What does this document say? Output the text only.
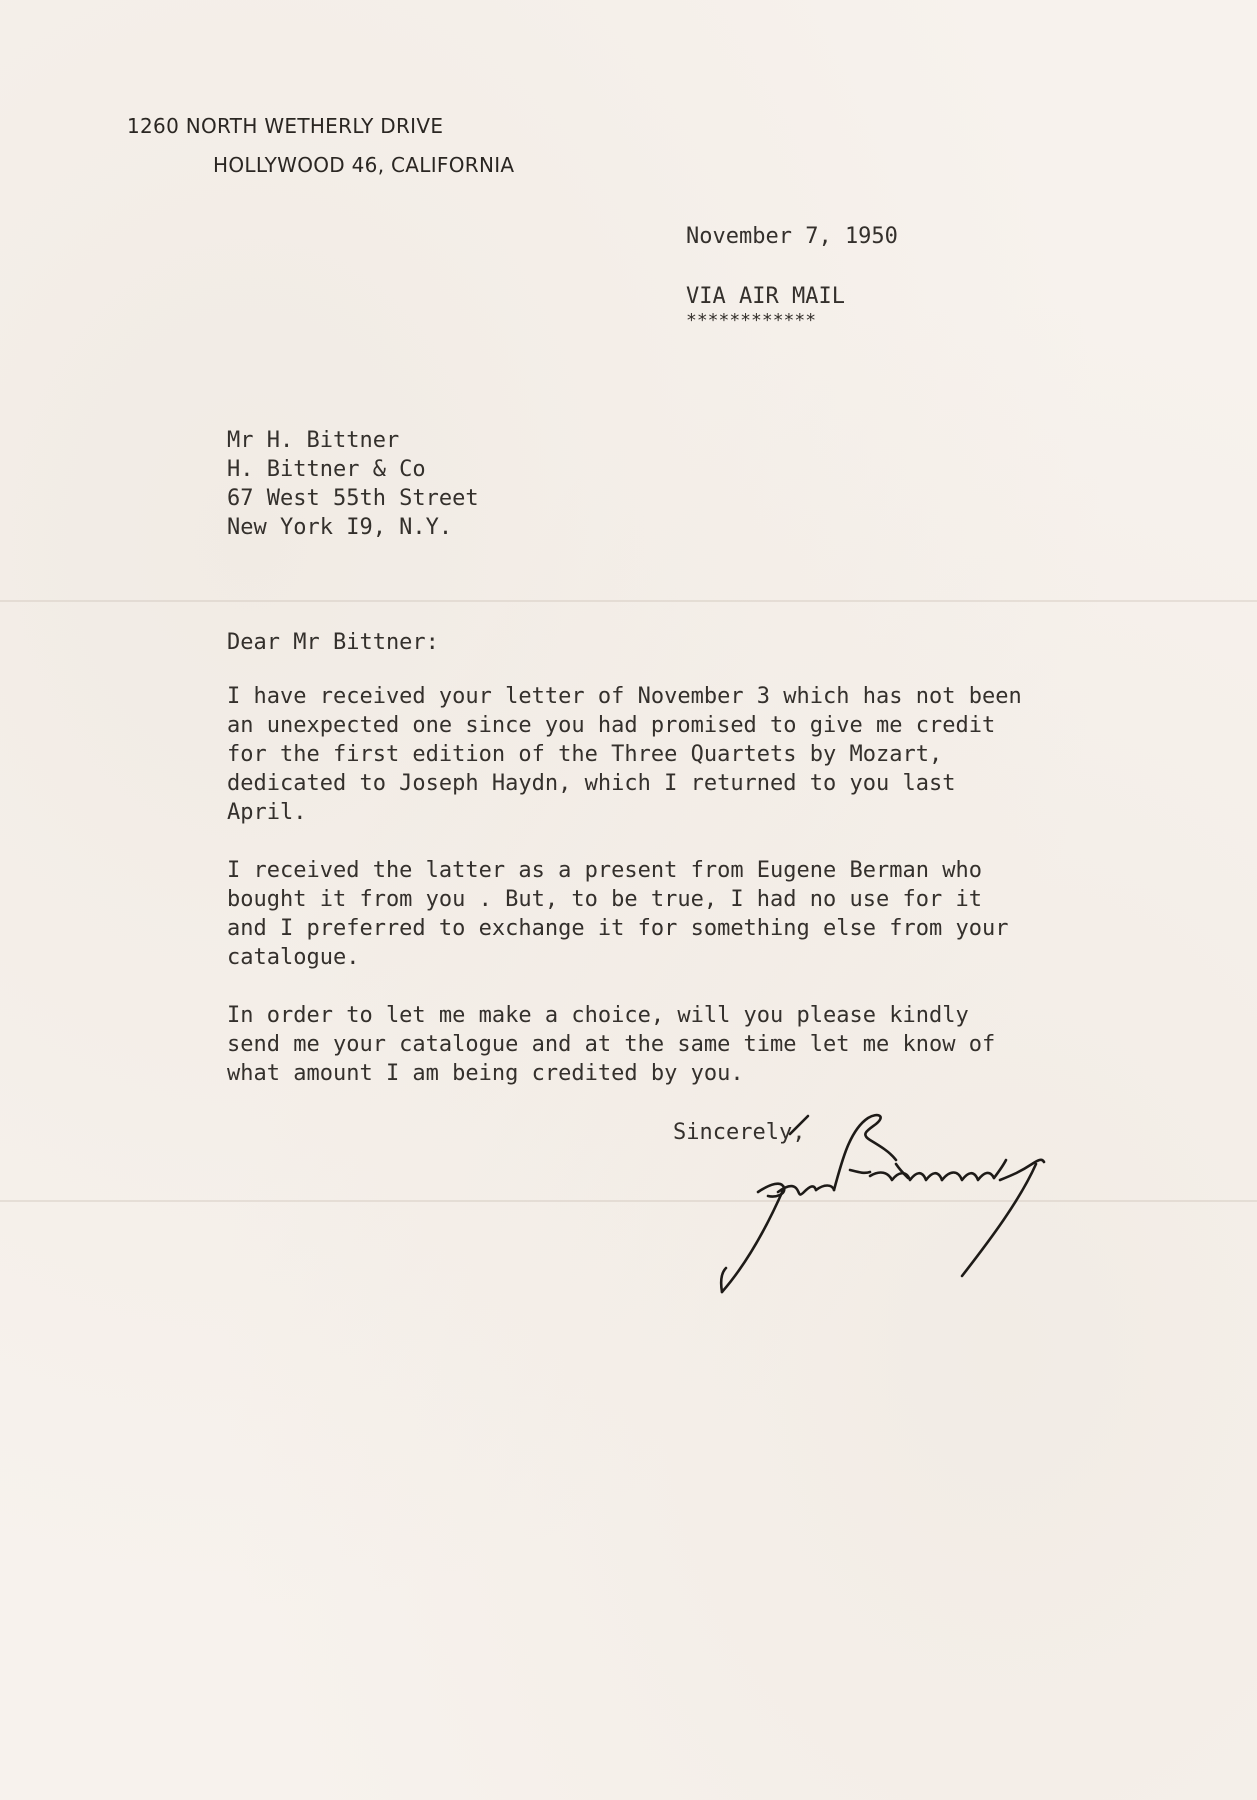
1260 NORTH WETHERLY DRIVE
HOLLYWOOD 46, CALIFORNIA
November 7, 1950
VIA AIR MAIL
************
Mr H. Bittner
H. Bittner & Co
67 West 55th Street
New York I9, N.Y.
Dear Mr Bittner:
I have received your letter of November 3 which has not been
an unexpected one since you had promised to give me credit
for the first edition of the Three Quartets by Mozart,
dedicated to Joseph Haydn, which I returned to you last
April.
I received the latter as a present from Eugene Berman who
bought it from you . But, to be true, I had no use for it
and I preferred to exchange it for something else from your
catalogue.
In order to let me make a choice, will you please kindly
send me your catalogue and at the same time let me know of
what amount I am being credited by you.
Sincerely,
